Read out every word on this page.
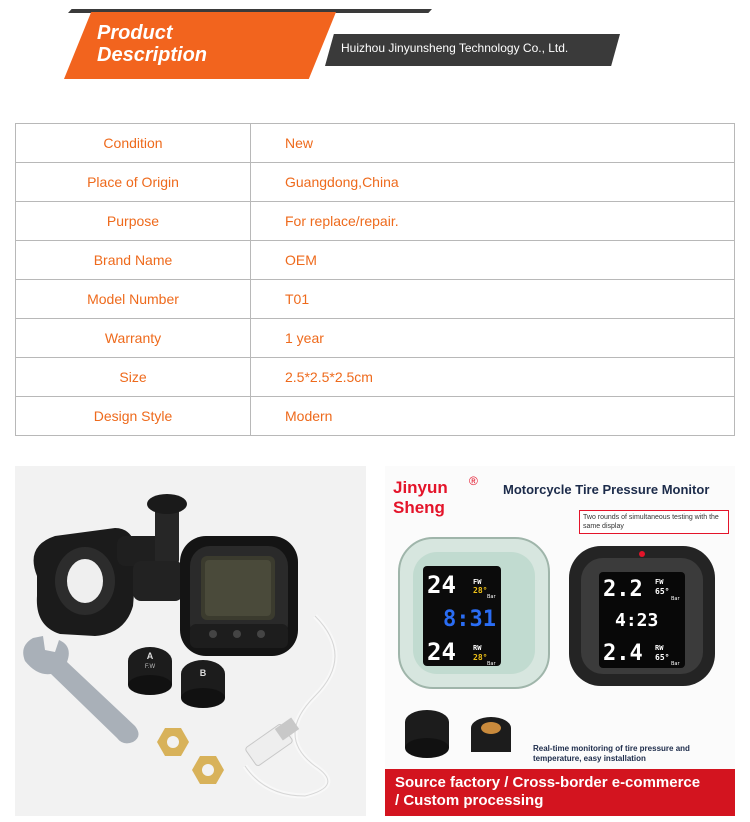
Product
Description	Huizhou Jinyunsheng Technology Co., Ltd.
Condition	New
Place of Origin	Guangdong,China
Purpose	For replace/repair.
Brand Name	OEM
Model Number	T01
Warranty	1 year
Size	2.5*2.5*2.5cm
Design Style	Modern
A
F.W
B
24 FW
28°
8:31
24 RW
28°
2.2 FW
65°
4:23
2.4 RW
65°
Bar
Bar
Bar
Bar
Jinyun
Sheng
®
Motorcycle Tire Pressure Monitor
Two rounds of simultaneous testing with the same display
Real-time monitoring of tire pressure and temperature, easy installation
Source factory / Cross-border e-commerce
/ Custom processing
